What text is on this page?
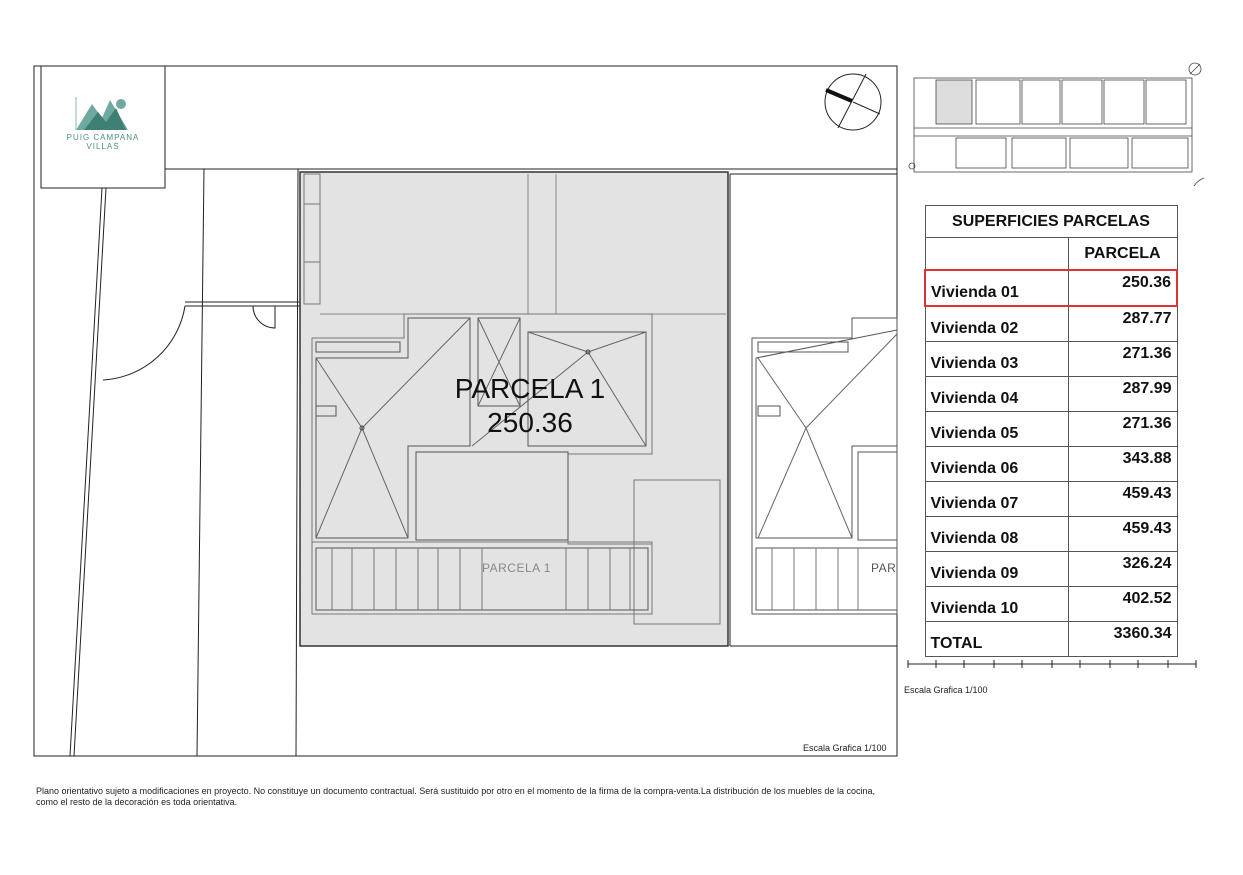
PUIG CAMPANA
VILLAS
PARCELA 1
250.36
PARCELA 1	PAR
Escala Grafica 1/100
SUPERFICIES PARCELAS	
	PARCELA
Vivienda 01	250.36
Vivienda 02	287.77
Vivienda 03	271.36
Vivienda 04	287.99
Vivienda 05	271.36
Vivienda 06	343.88
Vivienda 07	459.43
Vivienda 08	459.43
Vivienda 09	326.24
Vivienda 10	402.52
TOTAL	3360.34
Escala Grafica 1/100
Plano orientativo sujeto a modificaciones en proyecto. No constituye un documento contractual. Será sustituido por otro en el momento de la firma de la compra-venta.La distribución de los muebles de la cocina, como el resto de la decoración es toda orientativa.
